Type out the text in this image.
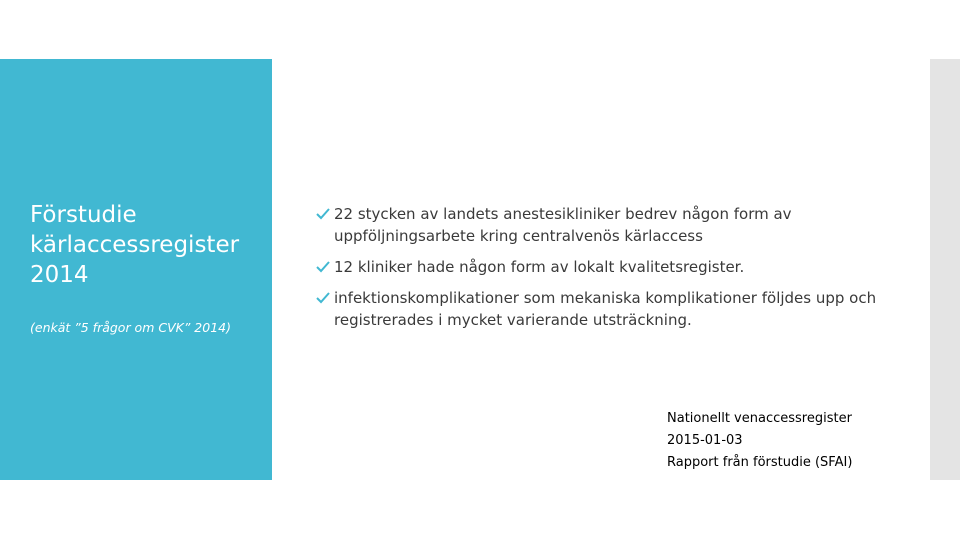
Förstudie
kärlaccessregister
2014

(enkät ”5 frågor om CVK” 2014)

22 stycken av landets anestesikliniker bedrev någon form av uppföljningsarbete kring centralvenös kärlaccess
12 kliniker hade någon form av lokalt kvalitetsregister.
infektionskomplikationer som mekaniska komplikationer följdes upp och registrerades i mycket varierande utsträckning.
Nationellt venaccessregister
2015-01-03
Rapport från förstudie (SFAI)
